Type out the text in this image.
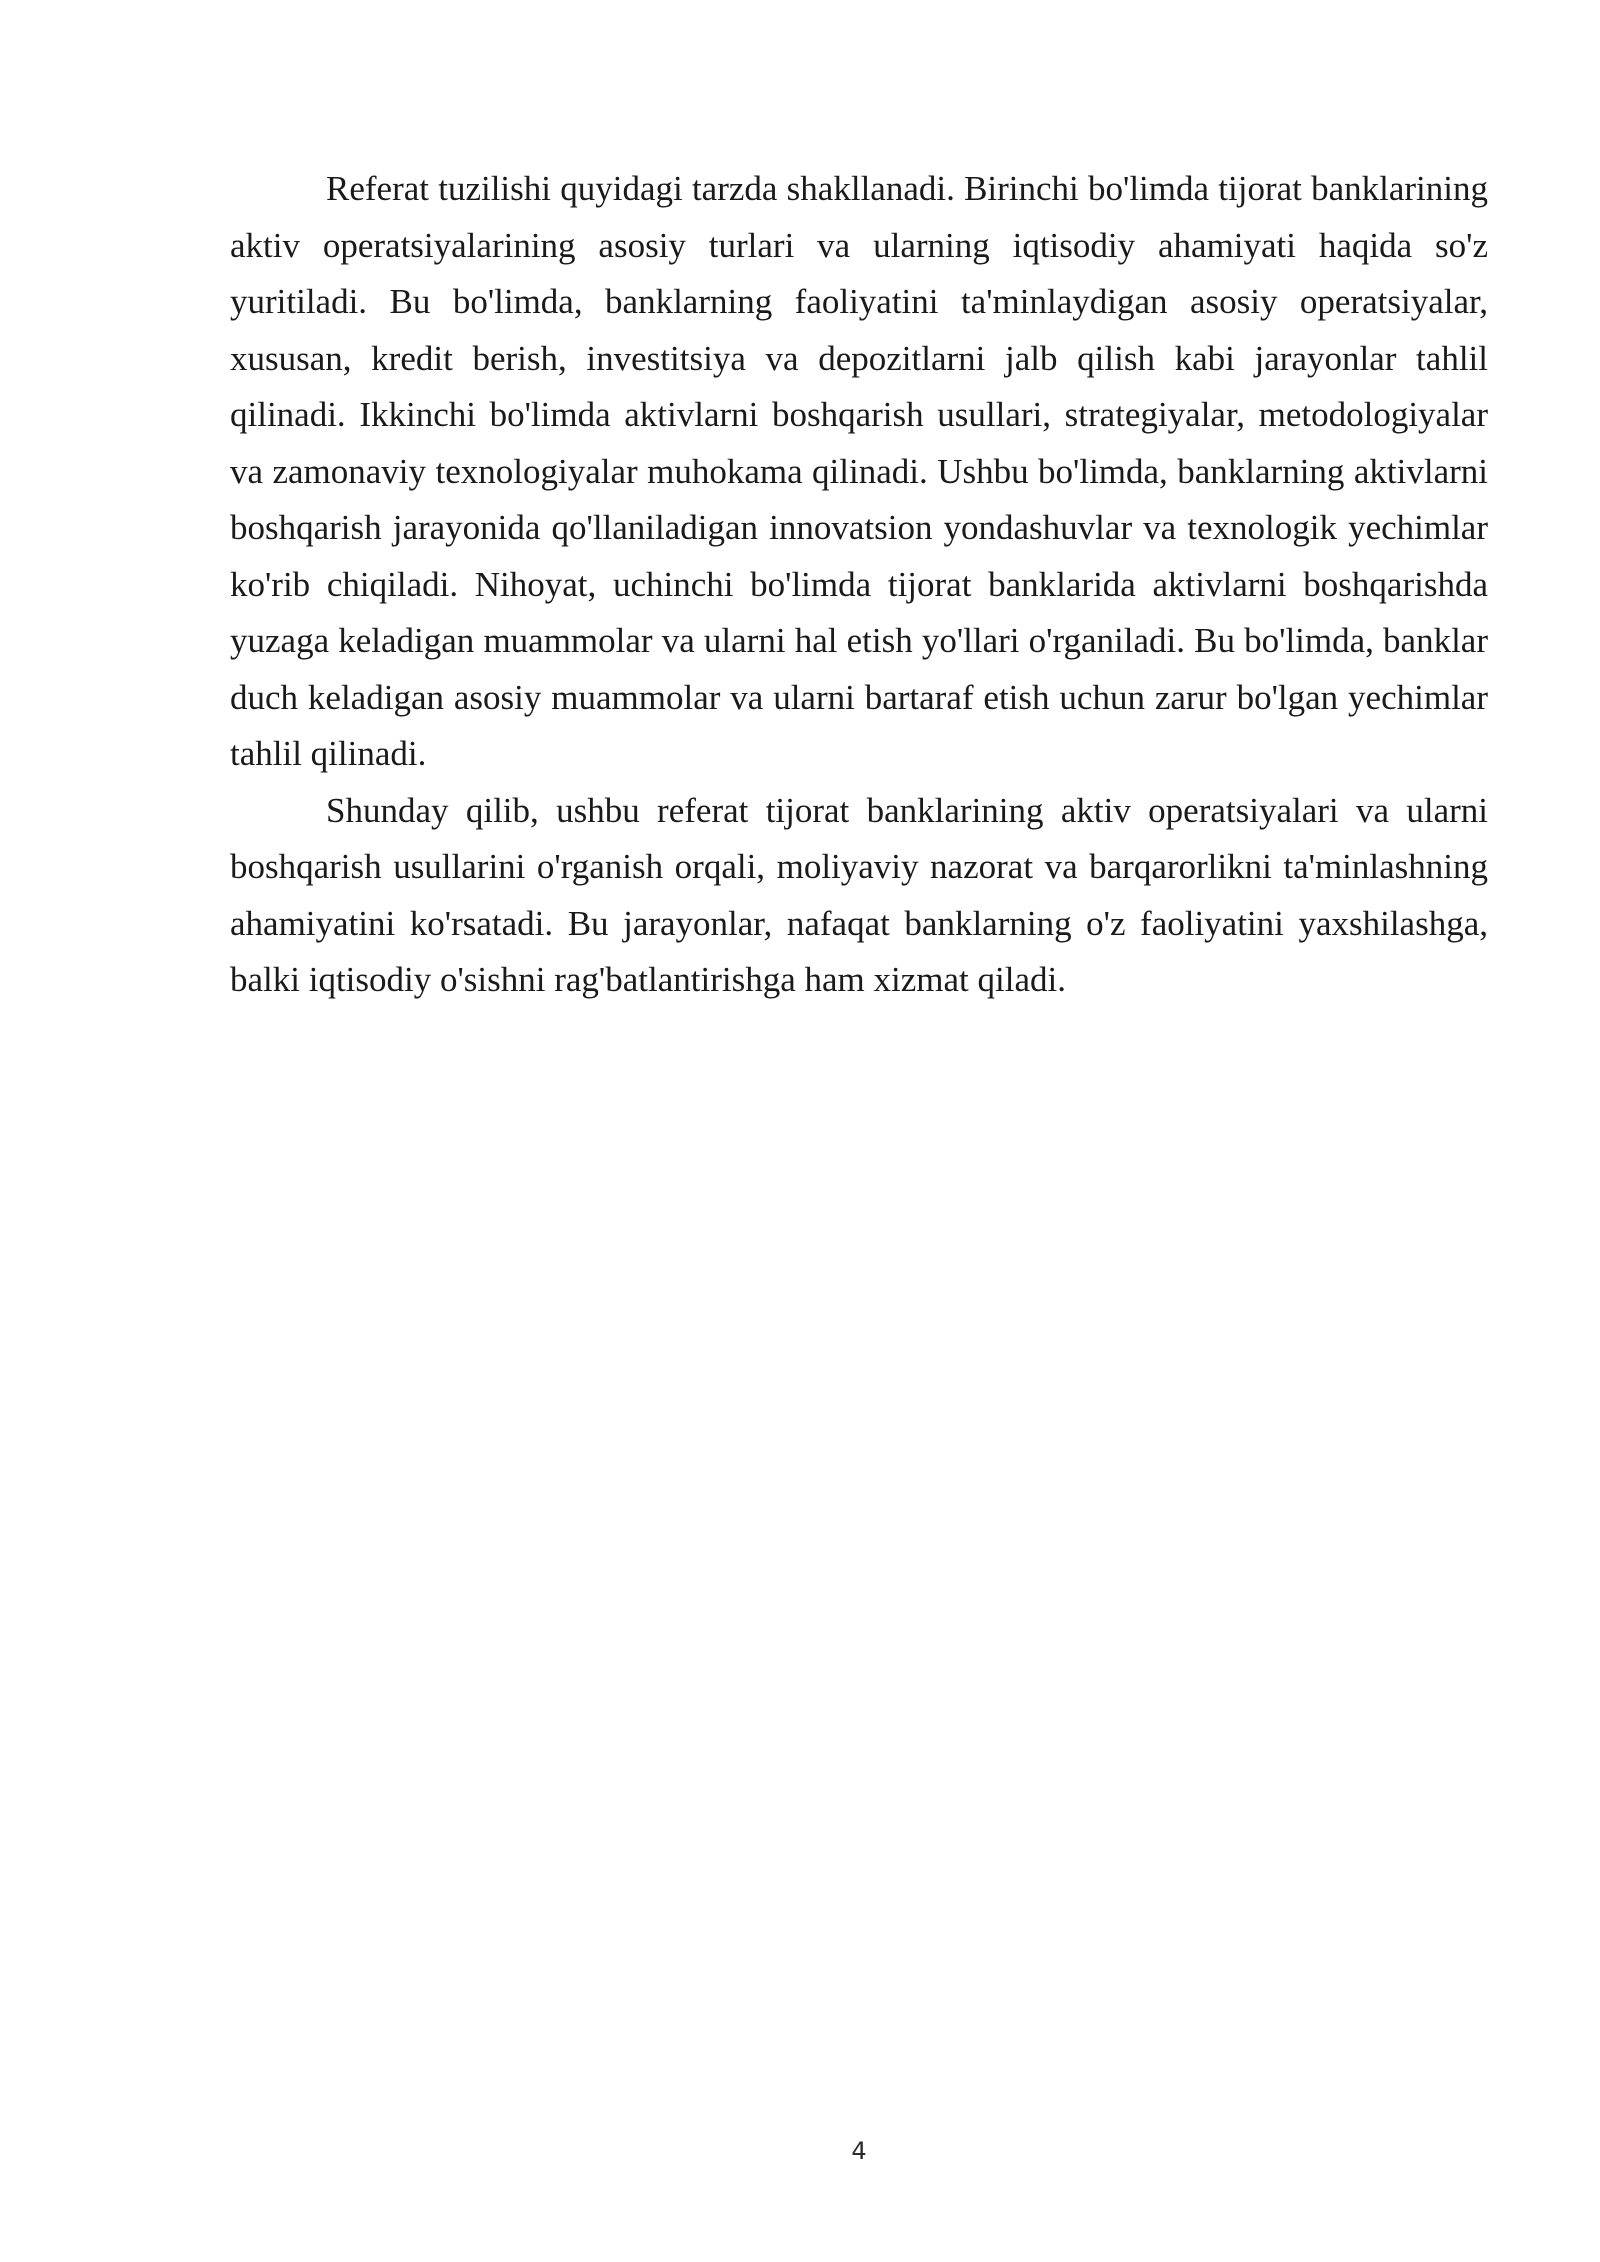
Referat tuzilishi quyidagi tarzda shakllanadi. Birinchi bo'limda tijorat banklarining aktiv operatsiyalarining asosiy turlari va ularning iqtisodiy ahamiyati haqida so'z yuritiladi. Bu bo'limda, banklarning faoliyatini ta'minlaydigan asosiy operatsiyalar, xususan, kredit berish, investitsiya va depozitlarni jalb qilish kabi jarayonlar tahlil qilinadi. Ikkinchi bo'limda aktivlarni boshqarish usullari, strategiyalar, metodologiyalar va zamonaviy texnologiyalar muhokama qilinadi. Ushbu bo'limda, banklarning aktivlarni boshqarish jarayonida qo'llaniladigan innovatsion yondashuvlar va texnologik yechimlar ko'rib chiqiladi. Nihoyat, uchinchi bo'limda tijorat banklarida aktivlarni boshqarishda yuzaga keladigan muammolar va ularni hal etish yo'llari o'rganiladi. Bu bo'limda, banklar duch keladigan asosiy muammolar va ularni bartaraf etish uchun zarur bo'lgan yechimlar tahlil qilinadi.

Shunday qilib, ushbu referat tijorat banklarining aktiv operatsiyalari va ularni boshqarish usullarini o'rganish orqali, moliyaviy nazorat va barqarorlikni ta'minlashning ahamiyatini ko'rsatadi. Bu jarayonlar, nafaqat banklarning o'z faoliyatini yaxshilashga, balki iqtisodiy o'sishni rag'batlantirishga ham xizmat qiladi.

4
